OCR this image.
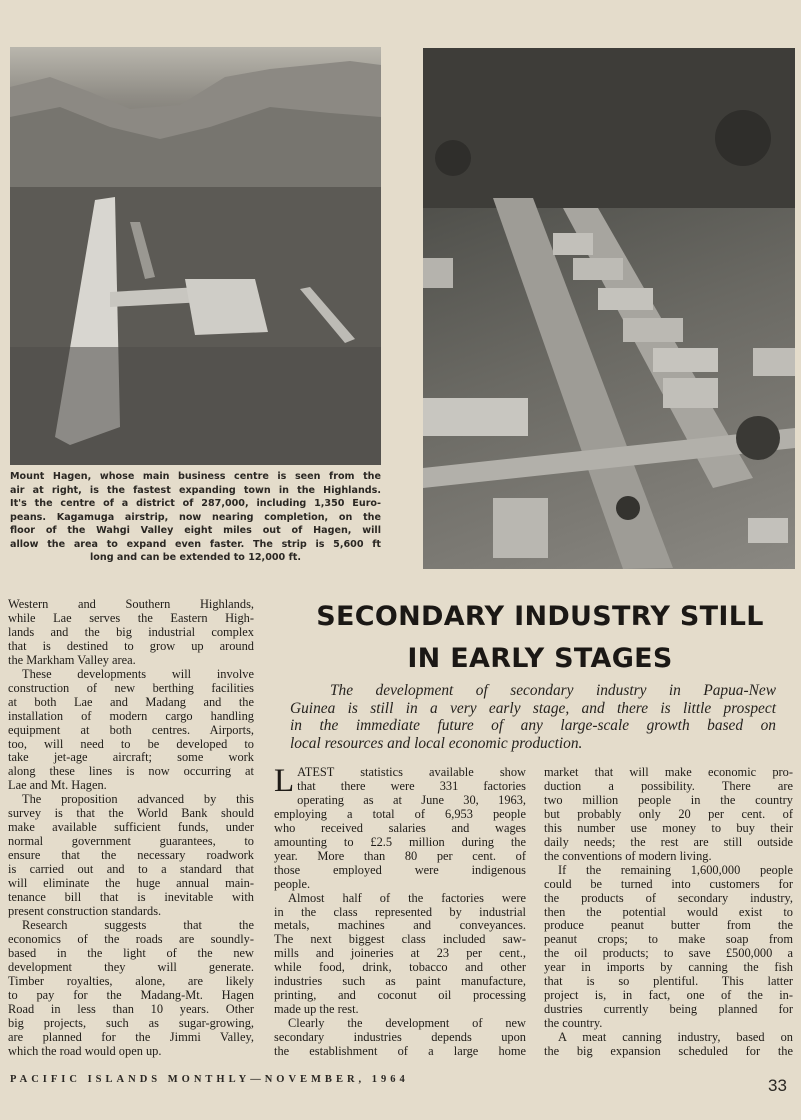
Mount Hagen, whose main business centre is seen from the
air at right, is the fastest expanding town in the Highlands.
It's the centre of a district of 287,000, including 1,350 Euro-
peans. Kagamuga airstrip, now nearing completion, on the
floor of the Wahgi Valley eight miles out of Hagen, will
allow the area to expand even faster. The strip is 5,600 ft
long and can be extended to 12,000 ft.
Western and Southern Highlands,
while Lae serves the Eastern High-
lands and the big industrial complex
that is destined to grow up around
the Markham Valley area.
These developments will involve
construction of new berthing facilities
at both Lae and Madang and the
installation of modern cargo handling
equipment at both centres. Airports,
too, will need to be developed to
take jet-age aircraft; some work
along these lines is now occurring at
Lae and Mt. Hagen.
The proposition advanced by this
survey is that the World Bank should
make available sufficient funds, under
normal government guarantees, to
ensure that the necessary roadwork
is carried out and to a standard that
will eliminate the huge annual main-
tenance bill that is inevitable with
present construction standards.
Research suggests that the
economics of the roads are soundly-
based in the light of the new
development they will generate.
Timber royalties, alone, are likely
to pay for the Madang-Mt. Hagen
Road in less than 10 years. Other
big projects, such as sugar-growing,
are planned for the Jimmi Valley,
which the road would open up.
SECONDARY INDUSTRY STILL
IN EARLY STAGES
The development of secondary industry in Papua-New
Guinea is still in a very early stage, and there is little prospect
in the immediate future of any large-scale growth based on
local resources and local economic production.
L ATEST statistics available show
that there were 331 factories
operating as at June 30, 1963,
employing a total of 6,953 people
who received salaries and wages
amounting to £2.5 million during the
year. More than 80 per cent. of
those employed were indigenous
people.
Almost half of the factories were
in the class represented by industrial
metals, machines and conveyances.
The next biggest class included saw-
mills and joineries at 23 per cent.,
while food, drink, tobacco and other
industries such as paint manufacture,
printing, and coconut oil processing
made up the rest.
Clearly the development of new
secondary industries depends upon
the establishment of a large home
market that will make economic pro-
duction a possibility. There are
two million people in the country
but probably only 20 per cent. of
this number use money to buy their
daily needs; the rest are still outside
the conventions of modern living.
If the remaining 1,600,000 people
could be turned into customers for
the products of secondary industry,
then the potential would exist to
produce peanut butter from the
peanut crops; to make soap from
the oil products; to save £500,000 a
year in imports by canning the fish
that is so plentiful. This latter
project is, in fact, one of the in-
dustries currently being planned for
the country.
A meat canning industry, based on
the big expansion scheduled for the
PACIFIC ISLANDS MONTHLY—NOVEMBER, 1964	33
